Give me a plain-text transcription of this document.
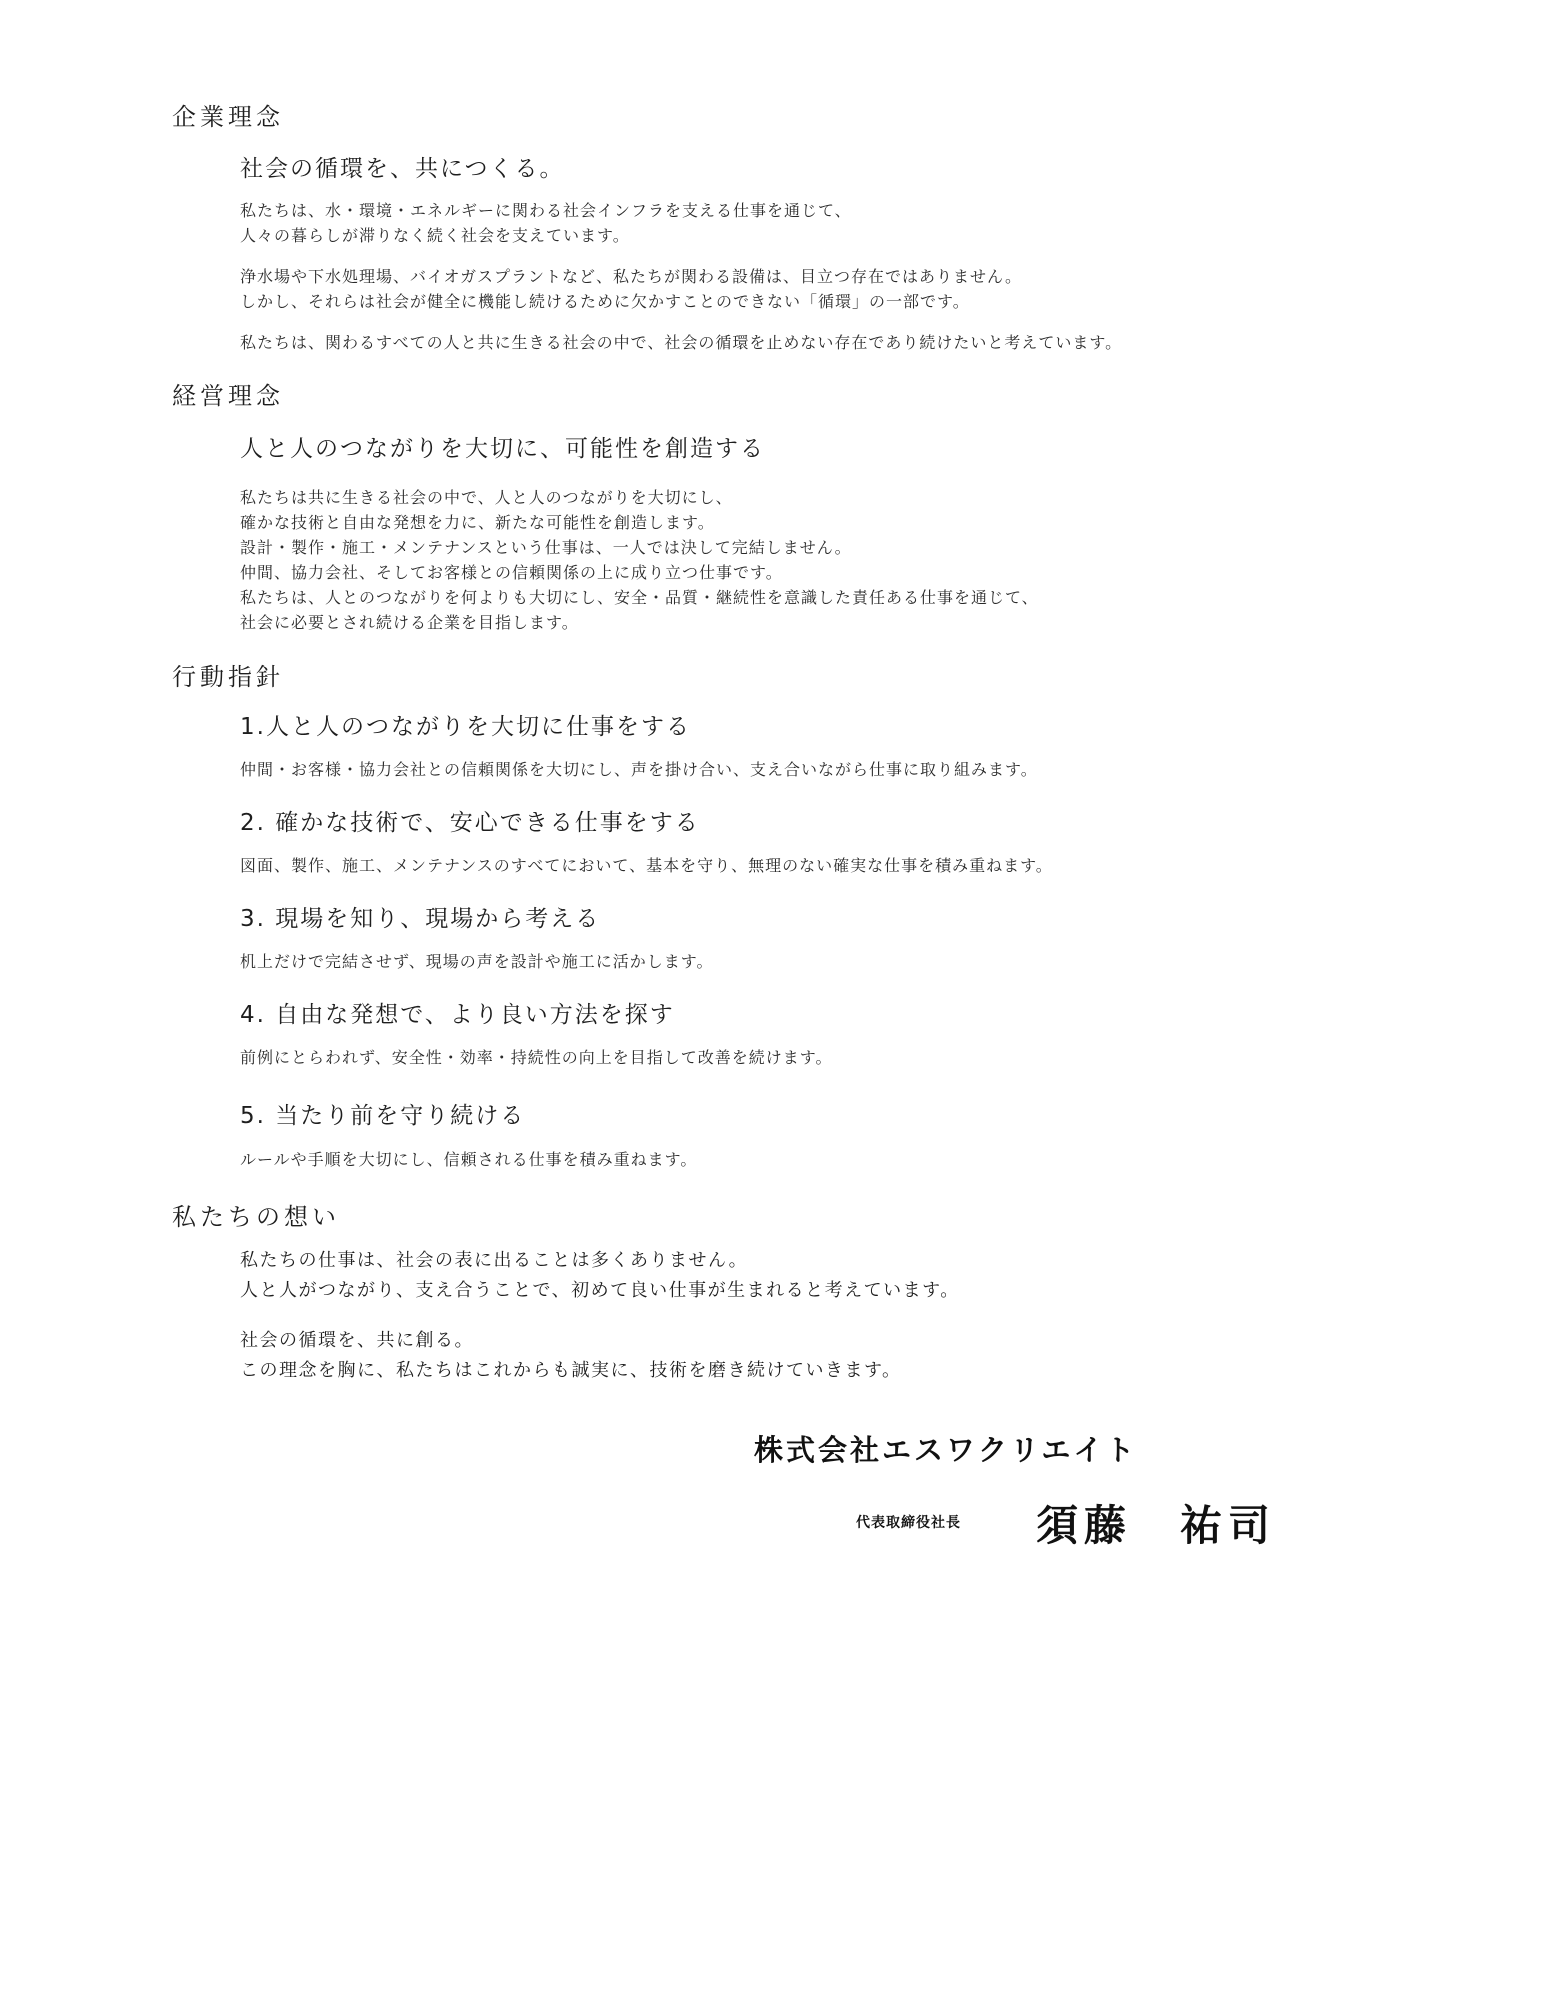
企業理念
社会の循環を、共につくる。
私たちは、水・環境・エネルギーに関わる社会インフラを支える仕事を通じて、
人々の暮らしが滞りなく続く社会を支えています。
浄水場や下水処理場、バイオガスプラントなど、私たちが関わる設備は、目立つ存在ではありません。
しかし、それらは社会が健全に機能し続けるために欠かすことのできない「循環」の一部です。
私たちは、関わるすべての人と共に生きる社会の中で、社会の循環を止めない存在であり続けたいと考えています。
経営理念
人と人のつながりを大切に、可能性を創造する
私たちは共に生きる社会の中で、人と人のつながりを大切にし、
確かな技術と自由な発想を力に、新たな可能性を創造します。
設計・製作・施工・メンテナンスという仕事は、一人では決して完結しません。
仲間、協力会社、そしてお客様との信頼関係の上に成り立つ仕事です。
私たちは、人とのつながりを何よりも大切にし、安全・品質・継続性を意識した責任ある仕事を通じて、
社会に必要とされ続ける企業を目指します。
行動指針
1.人と人のつながりを大切に仕事をする
仲間・お客様・協力会社との信頼関係を大切にし、声を掛け合い、支え合いながら仕事に取り組みます。
2. 確かな技術で、安心できる仕事をする
図面、製作、施工、メンテナンスのすべてにおいて、基本を守り、無理のない確実な仕事を積み重ねます。
3. 現場を知り、現場から考える
机上だけで完結させず、現場の声を設計や施工に活かします。
4. 自由な発想で、より良い方法を探す
前例にとらわれず、安全性・効率・持続性の向上を目指して改善を続けます。
5. 当たり前を守り続ける
ルールや手順を大切にし、信頼される仕事を積み重ねます。
私たちの想い
私たちの仕事は、社会の表に出ることは多くありません。
人と人がつながり、支え合うことで、初めて良い仕事が生まれると考えています。
社会の循環を、共に創る。
この理念を胸に、私たちはこれからも誠実に、技術を磨き続けていきます。
株式会社エスワクリエイト
代表取締役社長 須藤　祐司
